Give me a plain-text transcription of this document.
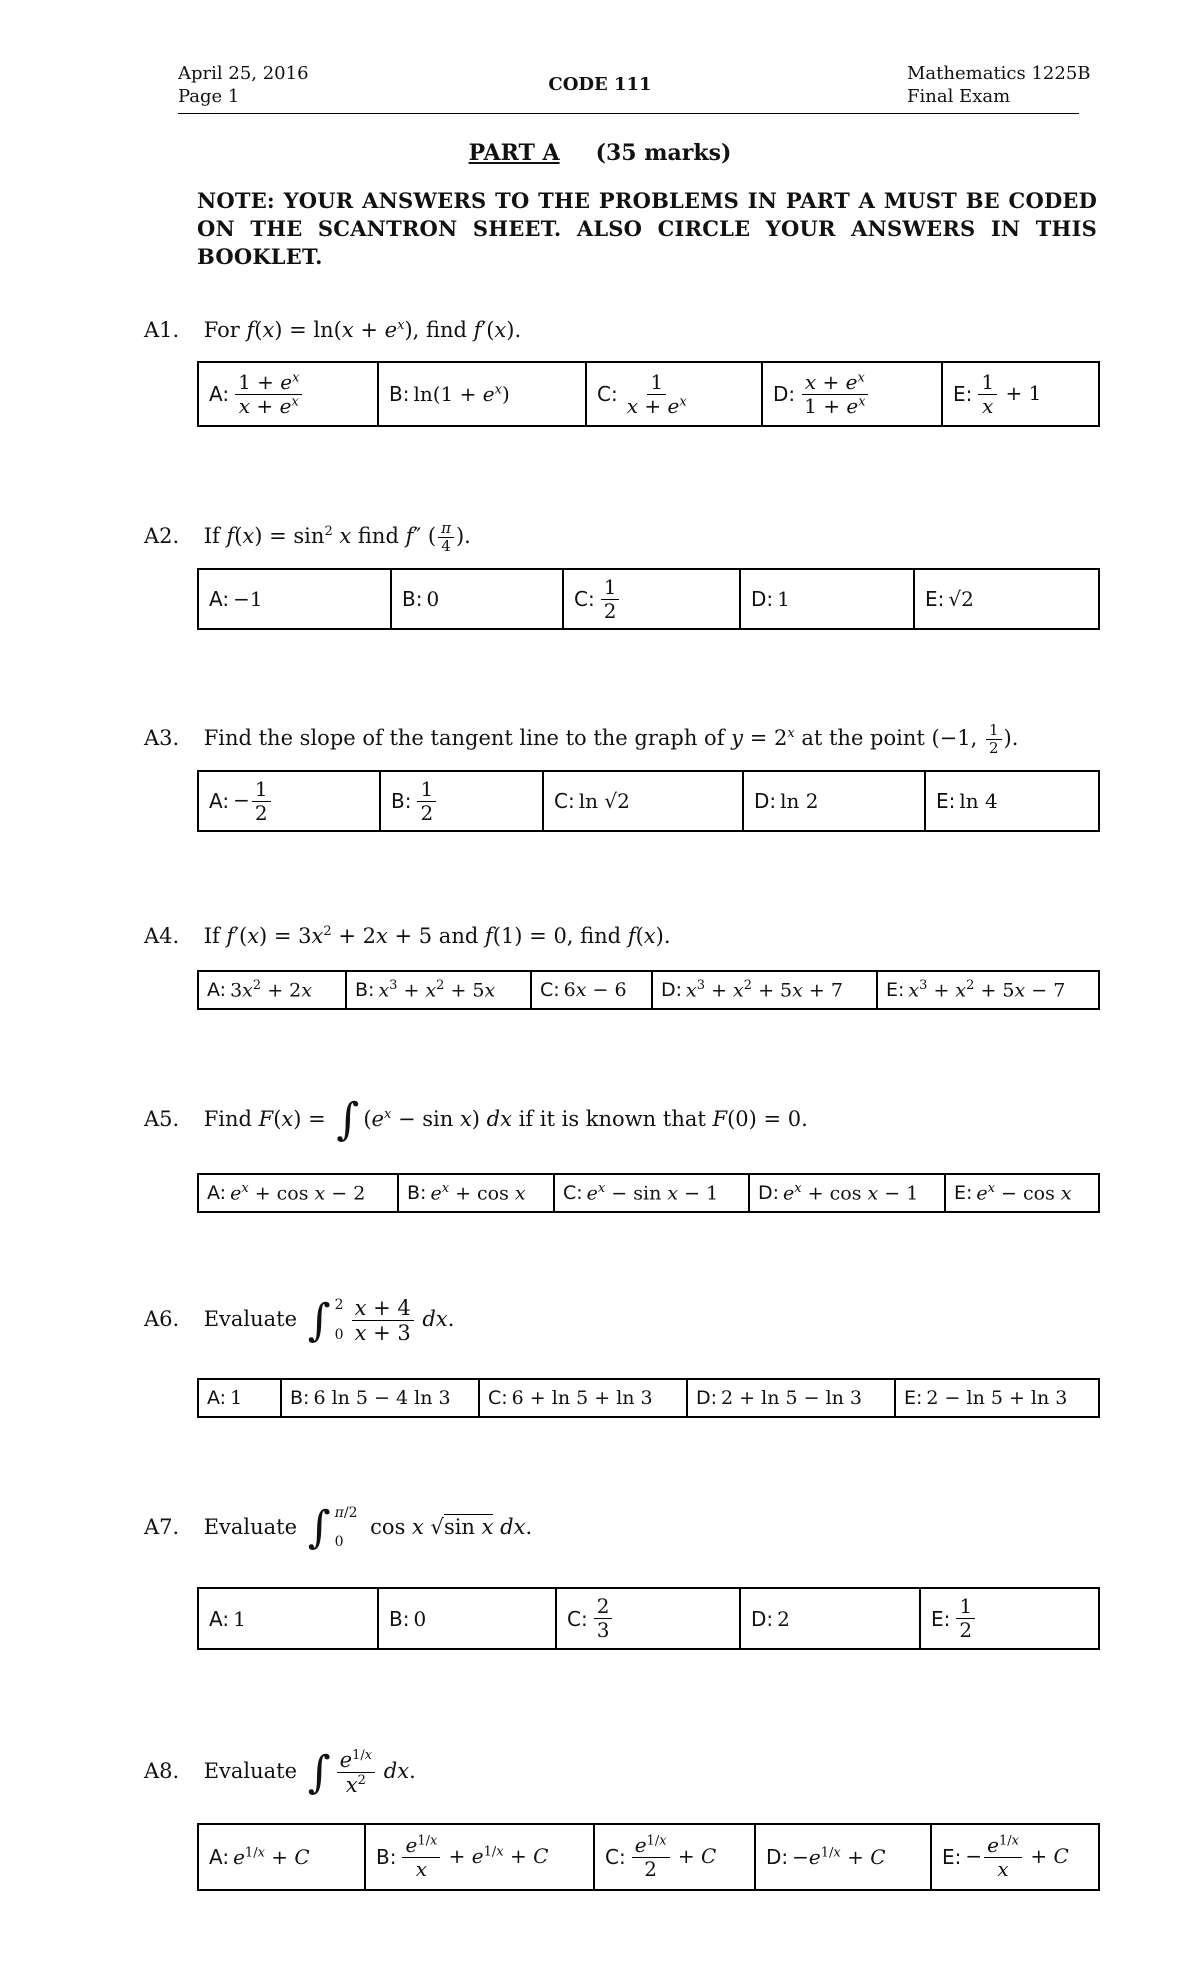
April 25, 2016
Page 1
CODE 111
Mathematics 1225B
Final Exam
PART A (35 marks)
NOTE: YOUR ANSWERS TO THE PROBLEMS IN PART A MUST BE CODED ON THE SCANTRON SHEET. ALSO CIRCLE YOUR ANSWERS IN THIS BOOKLET.
A1. For $f(x) = \ln(x + e^x)$, find f′(x).
A: $\frac{1 + e^x}{x + e^x}$	B: $\ln(1 + e^x)$	C: $\frac{1}{x + e^x}$	D: $\frac{x + e^x}{1 + e^x}$	E: $\frac{1}{x} + 1$
A2. If $f(x) = \sin^2 x$ find f″ ( $\frac{\pi}{4}$ ).
A: −1	B: 0	C: $\frac{1}{2}$	D: 1	E: √2
A3. Find the slope of the tangent line to the graph of $y = 2^x$ at the point (−1, $\frac{1}{2}$ ).
A: − $\frac{1}{2}$	B: $\frac{1}{2}$	C: ln √2	D: ln 2	E: ln 4
A4. If $f'(x) = 3x^2 + 2x + 5$ and f(1) = 0, find f(x).
A: $3x^2 + 2x$ B: $x^3 + x^2 + 5x$ C: 6x − 6 D: $x^3 + x^2 + 5x + 7$ E: $x^3 + x^2 + 5x - 7$
A5. Find F(x) = ∫ $(e^x - \sin x)$ dx if it is known that F(0) = 0.
A: $e^x + \cos x - 2$ B: $e^x + \cos x$ C: $e^x - \sin x - 1$ D: $e^x + \cos x - 1$ E: $e^x - \cos x$
A6. Evaluate ∫ 2
$0 \frac{x + 4}{x + 3}$ dx.
A: 1	B: 6 ln 5 − 4 ln 3 C: 6 + ln 5 + ln 3 D: 2 + ln 5 − ln 3 E: 2 − ln 5 + ln 3
A7. Evaluate ∫ π/2
0
cos x √sin x dx.
A: 1	B: 0	C: $\frac{2}{3}$	D: 2	E: $\frac{1}{2}$
A8. Evaluate ∫ $\frac{e^{1/x}}{x^2}$ dx.
A: $e^{1/x} + C$	B: $\frac{e^{1/x}}{x} + e^{1/x} + C$	C: $\frac{e^{1/x}}{2} + C$ D: $-e^{1/x} + C$	E: − $\frac{e^{1/x}}{x} + C$
